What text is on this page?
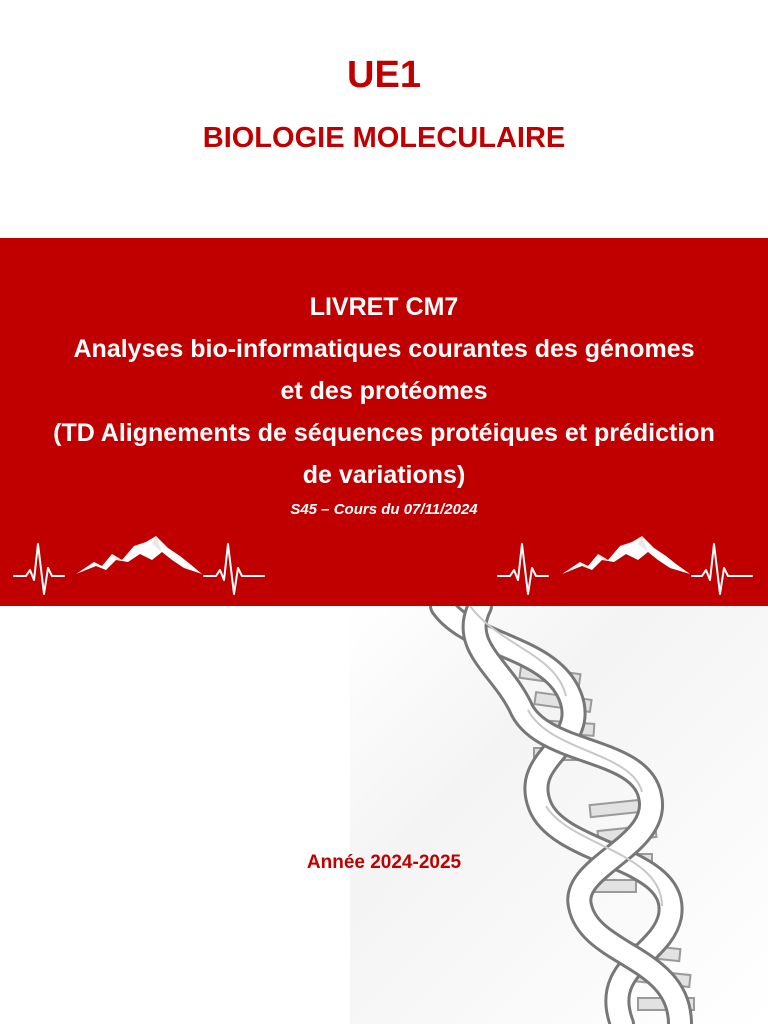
UE1
BIOLOGIE MOLECULAIRE
LIVRET CM7
Analyses bio-informatiques courantes des génomes
et des protéomes
(TD Alignements de séquences protéiques et prédiction
de variations)
S45 – Cours du 07/11/2024
Année 2024-2025
